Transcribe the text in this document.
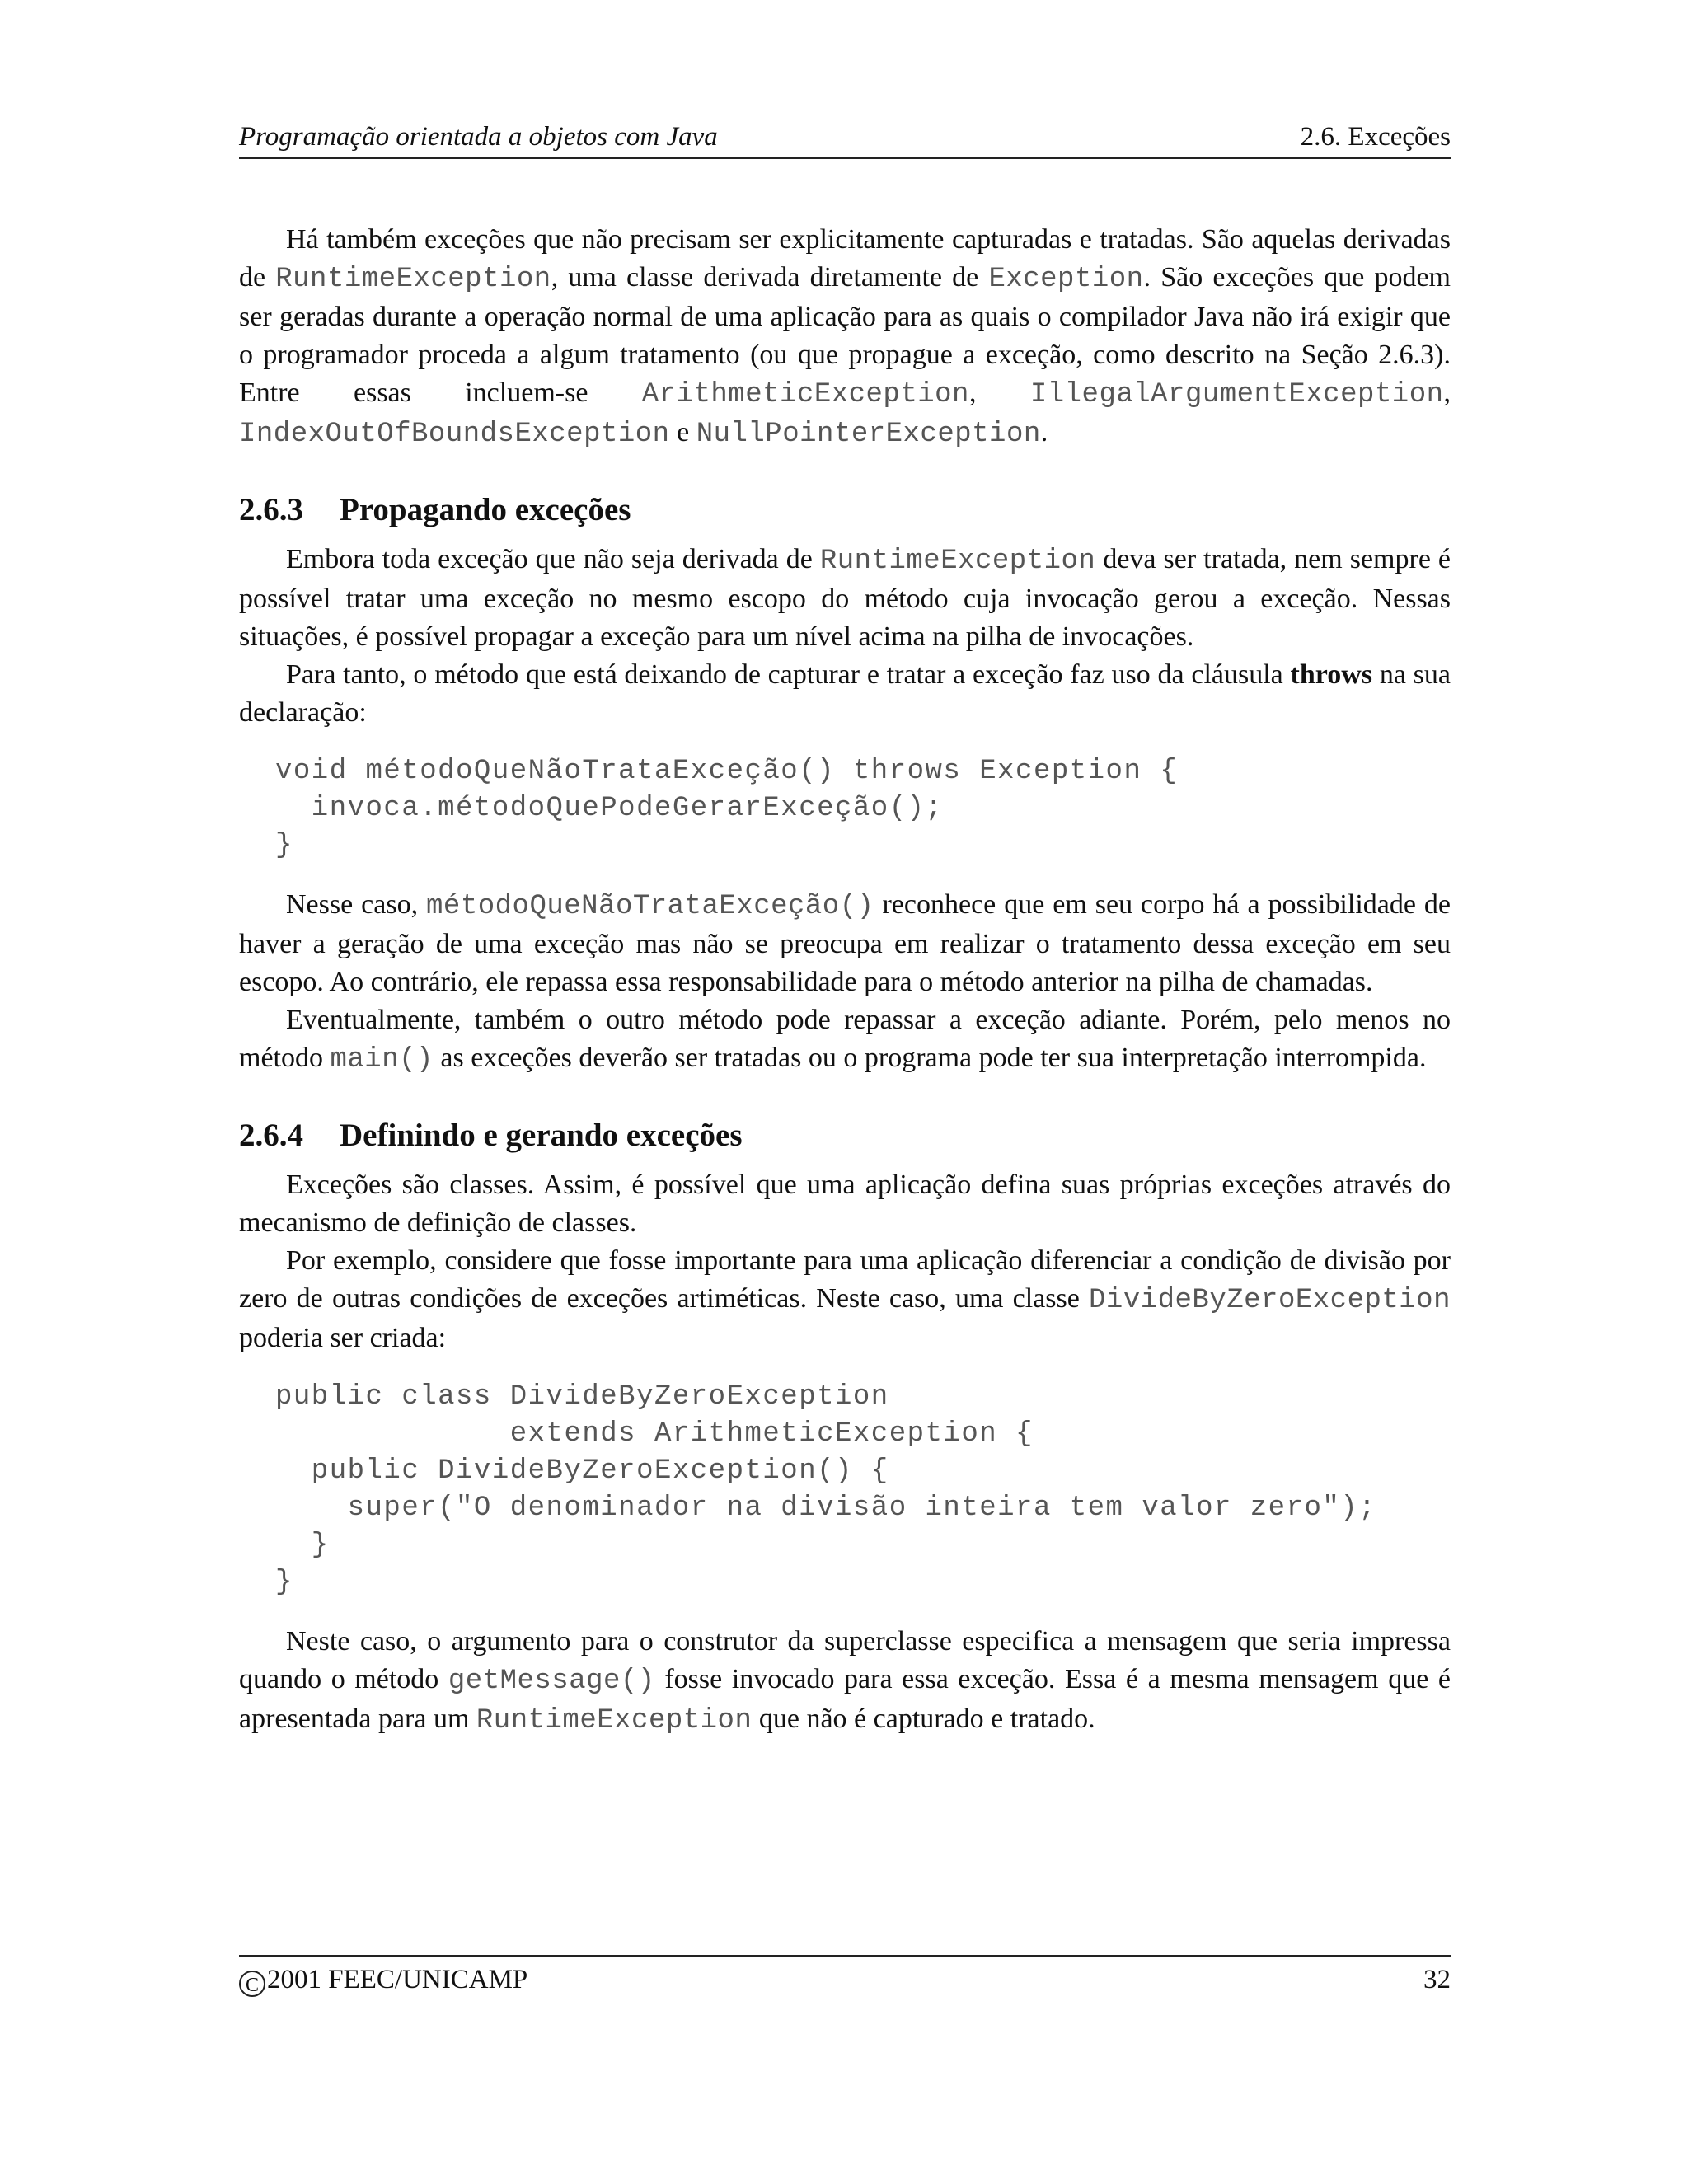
Programação orientada a objetos com Java	2.6. Exceções

Há também exceções que não precisam ser explicitamente capturadas e tratadas. São aquelas derivadas de RuntimeException, uma classe derivada diretamente de Exception. São exceções que podem ser geradas durante a operação normal de uma aplicação para as quais o compilador Java não irá exigir que o programador proceda a algum tratamento (ou que propague a exceção, como descrito na Seção 2.6.3). Entre essas incluem-se ArithmeticException, IllegalArgumentException, IndexOutOfBoundsException e NullPointerException.

2.6.3 Propagando exceções

Embora toda exceção que não seja derivada de RuntimeException deva ser tratada, nem sempre é possível tratar uma exceção no mesmo escopo do método cuja invocação gerou a exceção. Nessas situações, é possível propagar a exceção para um nível acima na pilha de invocações.

Para tanto, o método que está deixando de capturar e tratar a exceção faz uso da cláusula throws na sua declaração:

void métodoQueNãoTrataExceção() throws Exception {
invoca.métodoQuePodeGerarExceção();
}

Nesse caso, métodoQueNãoTrataExceção() reconhece que em seu corpo há a possibilidade de haver a geração de uma exceção mas não se preocupa em realizar o tratamento dessa exceção em seu escopo. Ao contrário, ele repassa essa responsabilidade para o método anterior na pilha de chamadas.

Eventualmente, também o outro método pode repassar a exceção adiante. Porém, pelo menos no método main() as exceções deverão ser tratadas ou o programa pode ter sua interpretação interrompida.

2.6.4 Definindo e gerando exceções

Exceções são classes. Assim, é possível que uma aplicação defina suas próprias exceções através do mecanismo de definição de classes.

Por exemplo, considere que fosse importante para uma aplicação diferenciar a condição de divisão por zero de outras condições de exceções artiméticas. Neste caso, uma classe DivideByZeroException poderia ser criada:

public class DivideByZeroException
extends ArithmeticException {
public DivideByZeroException() {
super("O denominador na divisão inteira tem valor zero");
}
}

Neste caso, o argumento para o construtor da superclasse especifica a mensagem que seria impressa quando o método getMessage() fosse invocado para essa exceção. Essa é a mesma mensagem que é apresentada para um RuntimeException que não é capturado e tratado.

C 2001 FEEC/UNICAMP	32
